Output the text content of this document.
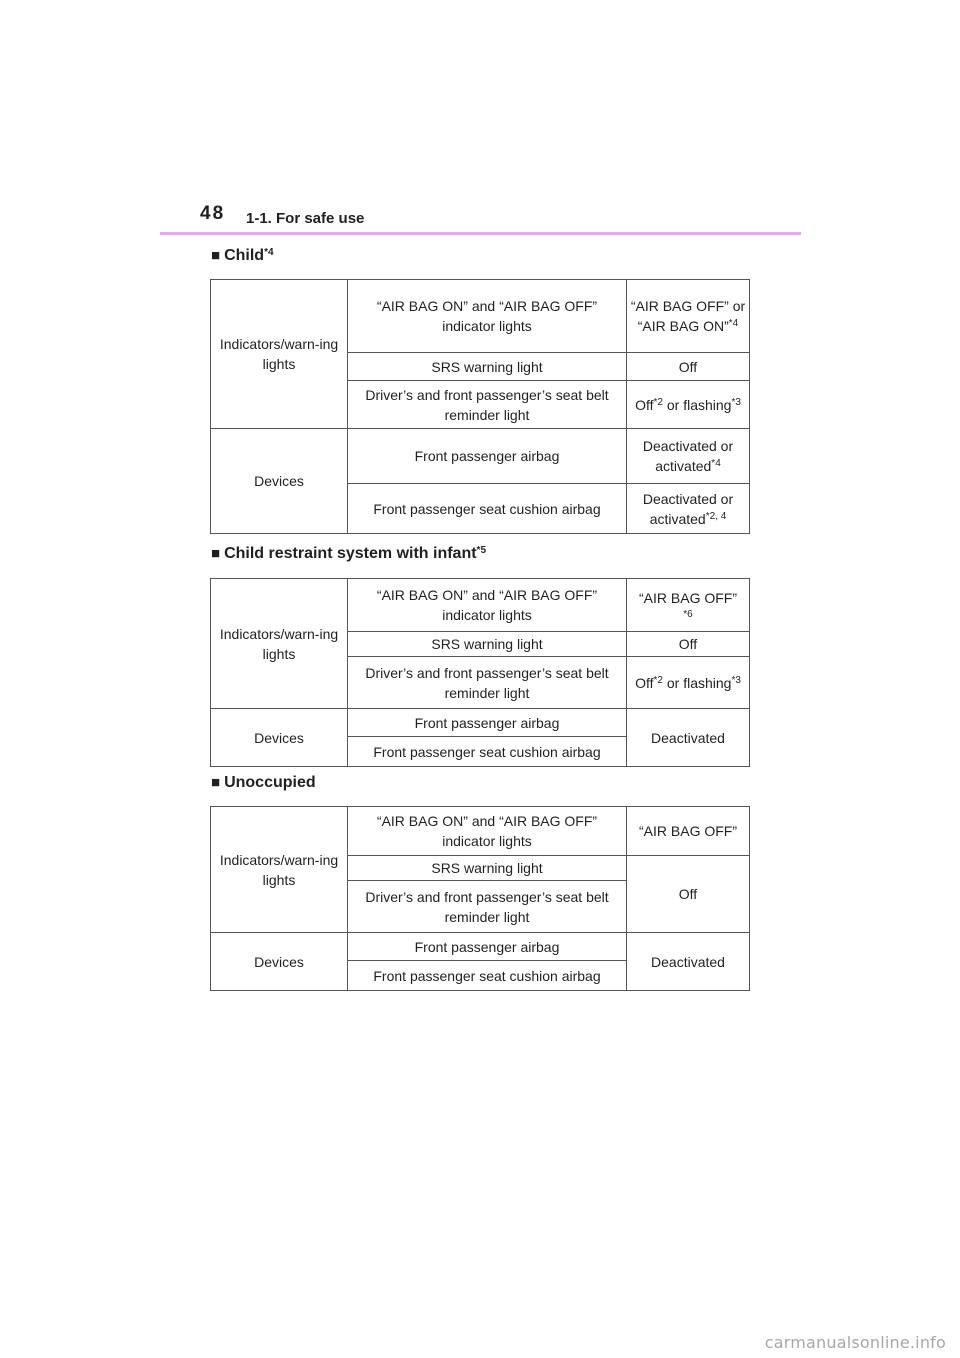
48 1-1. For safe use
■ Child$^{*4}$
Indicators/warn-ing lights	“AIR BAG ON” and “AIR BAG OFF” indicator lights	“AIR BAG OFF” or “AIR BAG ON”$^{*4}$
	SRS warning light	Off
	Driver’s and front passenger’s seat belt reminder light	Off$^{*2}$ or flashing$^{*3}$
Devices	Front passenger airbag	Deactivated or activated$^{*4}$
	Front passenger seat cushion airbag	Deactivated or activated$^{*2, 4}$
■ Child restraint system with infant$^{*5}$
Indicators/warn-ing lights	“AIR BAG ON” and “AIR BAG OFF” indicator lights	“AIR BAG OFF”
*6

	SRS warning light	Off
	Driver’s and front passenger’s seat belt reminder light	Off$^{*2}$ or flashing$^{*3}$
Devices	Front passenger airbag	Deactivated
	Front passenger seat cushion airbag	
■ Unoccupied
Indicators/warn-ing lights	“AIR BAG ON” and “AIR BAG OFF” indicator lights	“AIR BAG OFF”
	SRS warning light	Off
	Driver’s and front passenger’s seat belt reminder light	
Devices	Front passenger airbag	Deactivated
	Front passenger seat cushion airbag	
carmanualsonline.info
